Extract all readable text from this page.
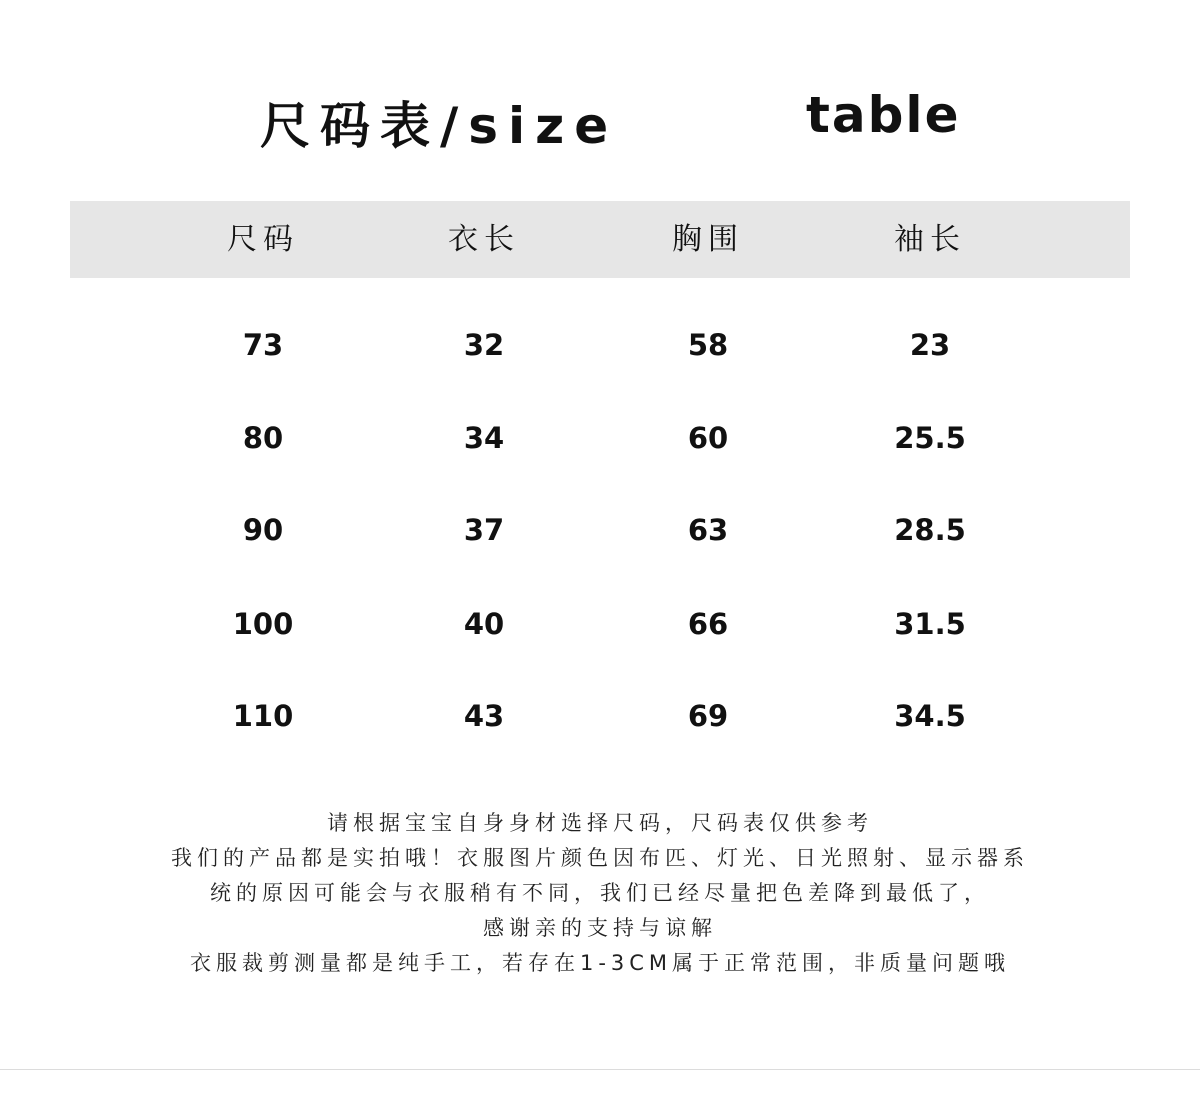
尺码表/size	table
尺码	衣长	胸围	袖长
73	32	58	23
80	34	60	25.5
90	37	63	28.5
100	40	66	31.5
110	43	69	34.5
请根据宝宝自身身材选择尺码，尺码表仅供参考
我们的产品都是实拍哦！衣服图片颜色因布匹、灯光、日光照射、显示器系
统的原因可能会与衣服稍有不同，我们已经尽量把色差降到最低了，
感谢亲的支持与谅解
衣服裁剪测量都是纯手工，若存在1-3CM属于正常范围，非质量问题哦
